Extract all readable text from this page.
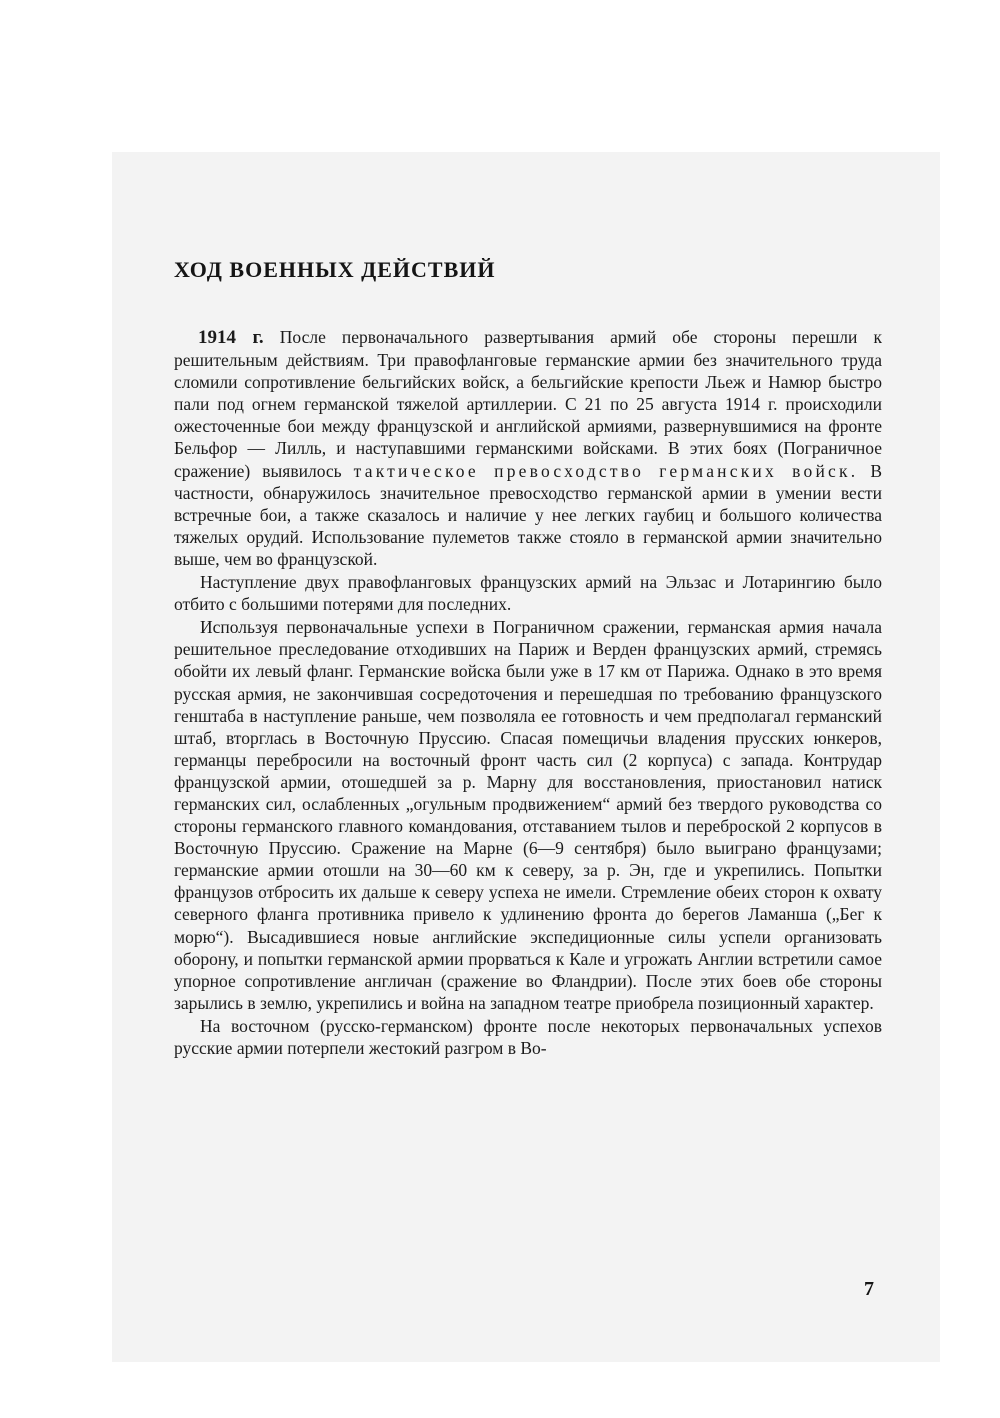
ХОД ВОЕННЫХ ДЕЙСТВИЙ

1914 г. После первоначального развертывания армий обе стороны перешли к решительным действиям. Три правофланговые германские армии без значительного труда сломили сопротивление бельгийских войск, а бельгийские крепости Льеж и Намюр быстро пали под огнем германской тяжелой артиллерии. С 21 по 25 августа 1914 г. происходили ожесточенные бои между французской и английской армиями, развернувшимися на фронте Бельфор — Лилль, и наступавшими германскими войсками. В этих боях (Пограничное сражение) выявилось тактическое превосходство германских войск. В частности, обнаружилось значительное превосходство германской армии в умении вести встречные бои, а также сказалось и наличие у нее легких гаубиц и большого количества тяжелых орудий. Использование пулеметов также стояло в германской армии значительно выше, чем во французской.

Наступление двух правофланговых французских армий на Эльзас и Лотарингию было отбито с большими потерями для последних.

Используя первоначальные успехи в Пограничном сражении, германская армия начала решительное преследование отходивших на Париж и Верден французских армий, стремясь обойти их левый фланг. Германские войска были уже в 17 км от Парижа. Однако в это время русская армия, не закончившая сосредоточения и перешедшая по требованию французского генштаба в наступление раньше, чем позволяла ее готовность и чем предполагал германский штаб, вторглась в Восточную Пруссию. Спасая помещичьи владения прусских юнкеров, германцы перебросили на восточный фронт часть сил (2 корпуса) с запада. Контрудар французской армии, отошедшей за р. Марну для восстановления, приостановил натиск германских сил, ослабленных „огульным продвижением“ армий без твердого руководства со стороны германского главного командования, отставанием тылов и переброской 2 корпусов в Восточную Пруссию. Сражение на Марне (6—9 сентября) было выиграно французами; германские армии отошли на 30—60 км к северу, за р. Эн, где и укрепились. Попытки французов отбросить их дальше к северу успеха не имели. Стремление обеих сторон к охвату северного фланга противника привело к удлинению фронта до берегов Ламанша („Бег к морю“). Высадившиеся новые английские экспедиционные силы успели организовать оборону, и попытки германской армии прорваться к Кале и угрожать Англии встретили самое упорное сопротивление англичан (сражение во Фландрии). После этих боев обе стороны зарылись в землю, укрепились и война на западном театре приобрела позиционный характер.

На восточном (русско-германском) фронте после некоторых первоначальных успехов русские армии потерпели жестокий разгром в Во-

7
